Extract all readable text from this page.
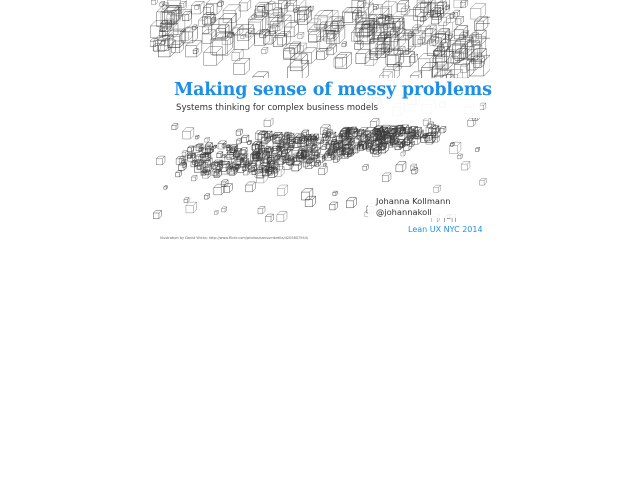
Making sense of messy problems

Systems thinking for complex business models

Johanna Kollmann
@johannakoll
Lean UX NYC 2014
Illustration by David Wicks: http://www.flickr.com/photos/sansumbrella/4205807944/
